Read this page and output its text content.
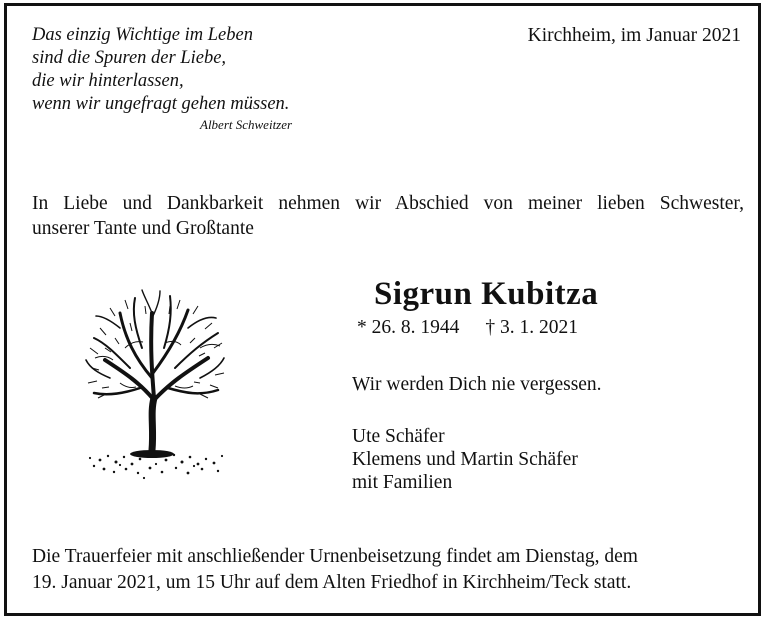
Das einzig Wichtige im Leben
sind die Spuren der Liebe,
die wir hinterlassen,
wenn wir ungefragt gehen müssen.
Albert Schweitzer
Kirchheim, im Januar 2021
In Liebe und Dankbarkeit nehmen wir Abschied von meiner lieben Schwester,
unserer Tante und Großtante
Sigrun Kubitza
* 26. 8. 1944 † 3. 1. 2021
Wir werden Dich nie vergessen.
Ute Schäfer
Klemens und Martin Schäfer
mit Familien
Die Trauerfeier mit anschließender Urnenbeisetzung findet am Dienstag, dem
19. Januar 2021, um 15 Uhr auf dem Alten Friedhof in Kirchheim/Teck statt.
